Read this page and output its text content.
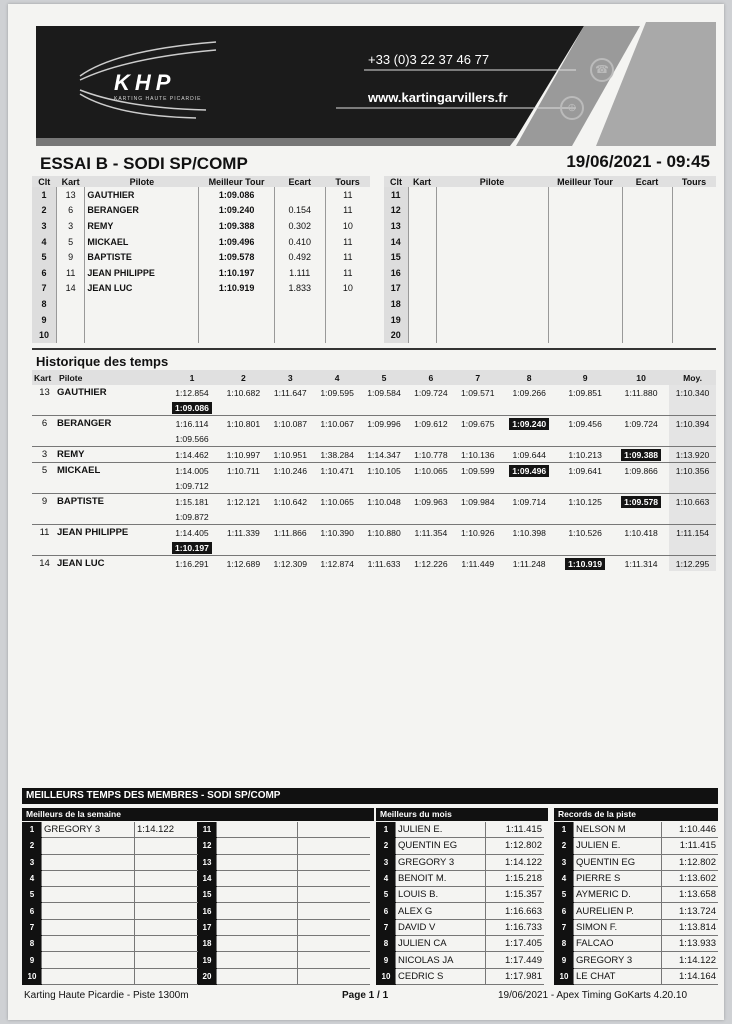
KHP
KARTING HAUTE PICARDIE
+33 (0)3 22 37 46 77
www.kartingarvillers.fr
☎
⊕
ESSAI B - SODI SP/COMP	19/06/2021 - 09:45
Clt	Kart	Pilote	Meilleur Tour	Ecart	Tours
1	13	GAUTHIER	1:09.086		11
2	6	BERANGER	1:09.240	0.154	11
3	3	REMY	1:09.388	0.302	10
4	5	MICKAEL	1:09.496	0.410	11
5	9	BAPTISTE	1:09.578	0.492	11
6	11	JEAN PHILIPPE	1:10.197	1.111	11
7	14	JEAN LUC	1:10.919	1.833	10
8					
9					
10					
Clt	Kart	Pilote	Meilleur Tour	Ecart	Tours
11					
12					
13					
14					
15					
16					
17					
18					
19					
20					
Historique des temps
Kart	Pilote	1	2	3	4	5	6	7	8	9	10	Moy.
13	GAUTHIER	1:12.854	1:10.682	1:11.647	1:09.595	1:09.584	1:09.724	1:09.571	1:09.266	1:09.851	1:11.880	1:10.340
		1:09.086										
6	BERANGER	1:16.114	1:10.801	1:10.087	1:10.067	1:09.996	1:09.612	1:09.675	1:09.240	1:09.456	1:09.724	1:10.394
		1:09.566										
3	REMY	1:14.462	1:10.997	1:10.951	1:38.284	1:14.347	1:10.778	1:10.136	1:09.644	1:10.213	1:09.388	1:13.920
5	MICKAEL	1:14.005	1:10.711	1:10.246	1:10.471	1:10.105	1:10.065	1:09.599	1:09.496	1:09.641	1:09.866	1:10.356
		1:09.712										
9	BAPTISTE	1:15.181	1:12.121	1:10.642	1:10.065	1:10.048	1:09.963	1:09.984	1:09.714	1:10.125	1:09.578	1:10.663
		1:09.872										
11	JEAN PHILIPPE	1:14.405	1:11.339	1:11.866	1:10.390	1:10.880	1:11.354	1:10.926	1:10.398	1:10.526	1:10.418	1:11.154
		1:10.197										
14	JEAN LUC	1:16.291	1:12.689	1:12.309	1:12.874	1:11.633	1:12.226	1:11.449	1:11.248	1:10.919	1:11.314	1:12.295
MEILLEURS TEMPS DES MEMBRES - SODI SP/COMP
Meilleurs de la semaine	Meilleurs du mois	Records de la piste
1	GREGORY 3	1:14.122	11		
2			12		
3			13		
4			14		
5			15		
6			16		
7			17		
8			18		
9			19		
10			20		
1	JULIEN E.	1:11.415
2	QUENTIN EG	1:12.802
3	GREGORY 3	1:14.122
4	BENOIT M.	1:15.218
5	LOUIS B.	1:15.357
6	ALEX G	1:16.663
7	DAVID V	1:16.733
8	JULIEN CA	1:17.405
9	NICOLAS JA	1:17.449
10	CEDRIC S	1:17.981
1	NELSON M	1:10.446
2	JULIEN E.	1:11.415
3	QUENTIN EG	1:12.802
4	PIERRE S	1:13.602
5	AYMERIC D.	1:13.658
6	AURELIEN P.	1:13.724
7	SIMON F.	1:13.814
8	FALCAO	1:13.933
9	GREGORY 3	1:14.122
10	LE CHAT	1:14.164
Karting Haute Picardie - Piste 1300m	Page 1 / 1	19/06/2021 - Apex Timing GoKarts 4.20.10
